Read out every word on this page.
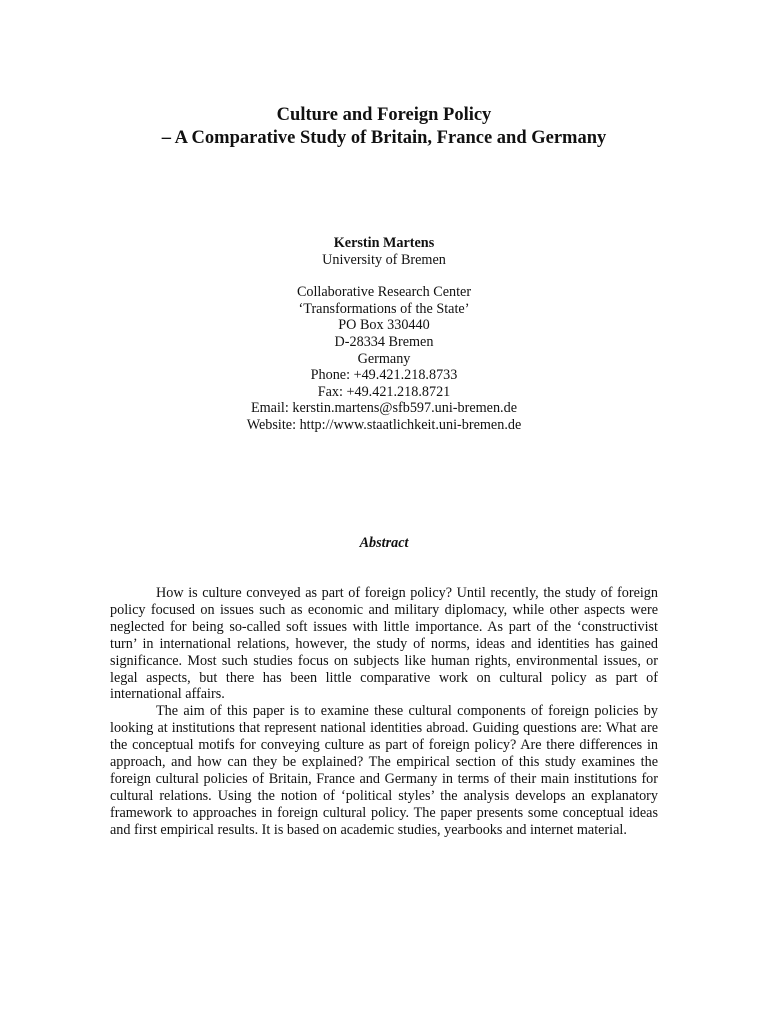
Culture and Foreign Policy
– A Comparative Study of Britain, France and Germany
Kerstin Martens
University of Bremen
Collaborative Research Center
‘Transformations of the State’
PO Box 330440
D-28334 Bremen
Germany
Phone: +49.421.218.8733
Fax: +49.421.218.8721
Email: kerstin.martens@sfb597.uni-bremen.de
Website: http://www.staatlichkeit.uni-bremen.de
Abstract

How is culture conveyed as part of foreign policy? Until recently, the study of foreign policy focused on issues such as economic and military diplomacy, while other aspects were neglected for being so-called soft issues with little importance. As part of the ‘constructivist turn’ in international relations, however, the study of norms, ideas and identities has gained significance. Most such studies focus on subjects like human rights, environmental issues, or legal aspects, but there has been little comparative work on cultural policy as part of international affairs.

The aim of this paper is to examine these cultural components of foreign policies by looking at institutions that represent national identities abroad. Guiding questions are: What are the conceptual motifs for conveying culture as part of foreign policy? Are there differences in approach, and how can they be explained? The empirical section of this study examines the foreign cultural policies of Britain, France and Germany in terms of their main institutions for cultural relations. Using the notion of ‘political styles’ the analysis develops an explanatory framework to approaches in foreign cultural policy. The paper presents some conceptual ideas and first empirical results. It is based on academic studies, yearbooks and internet material.
